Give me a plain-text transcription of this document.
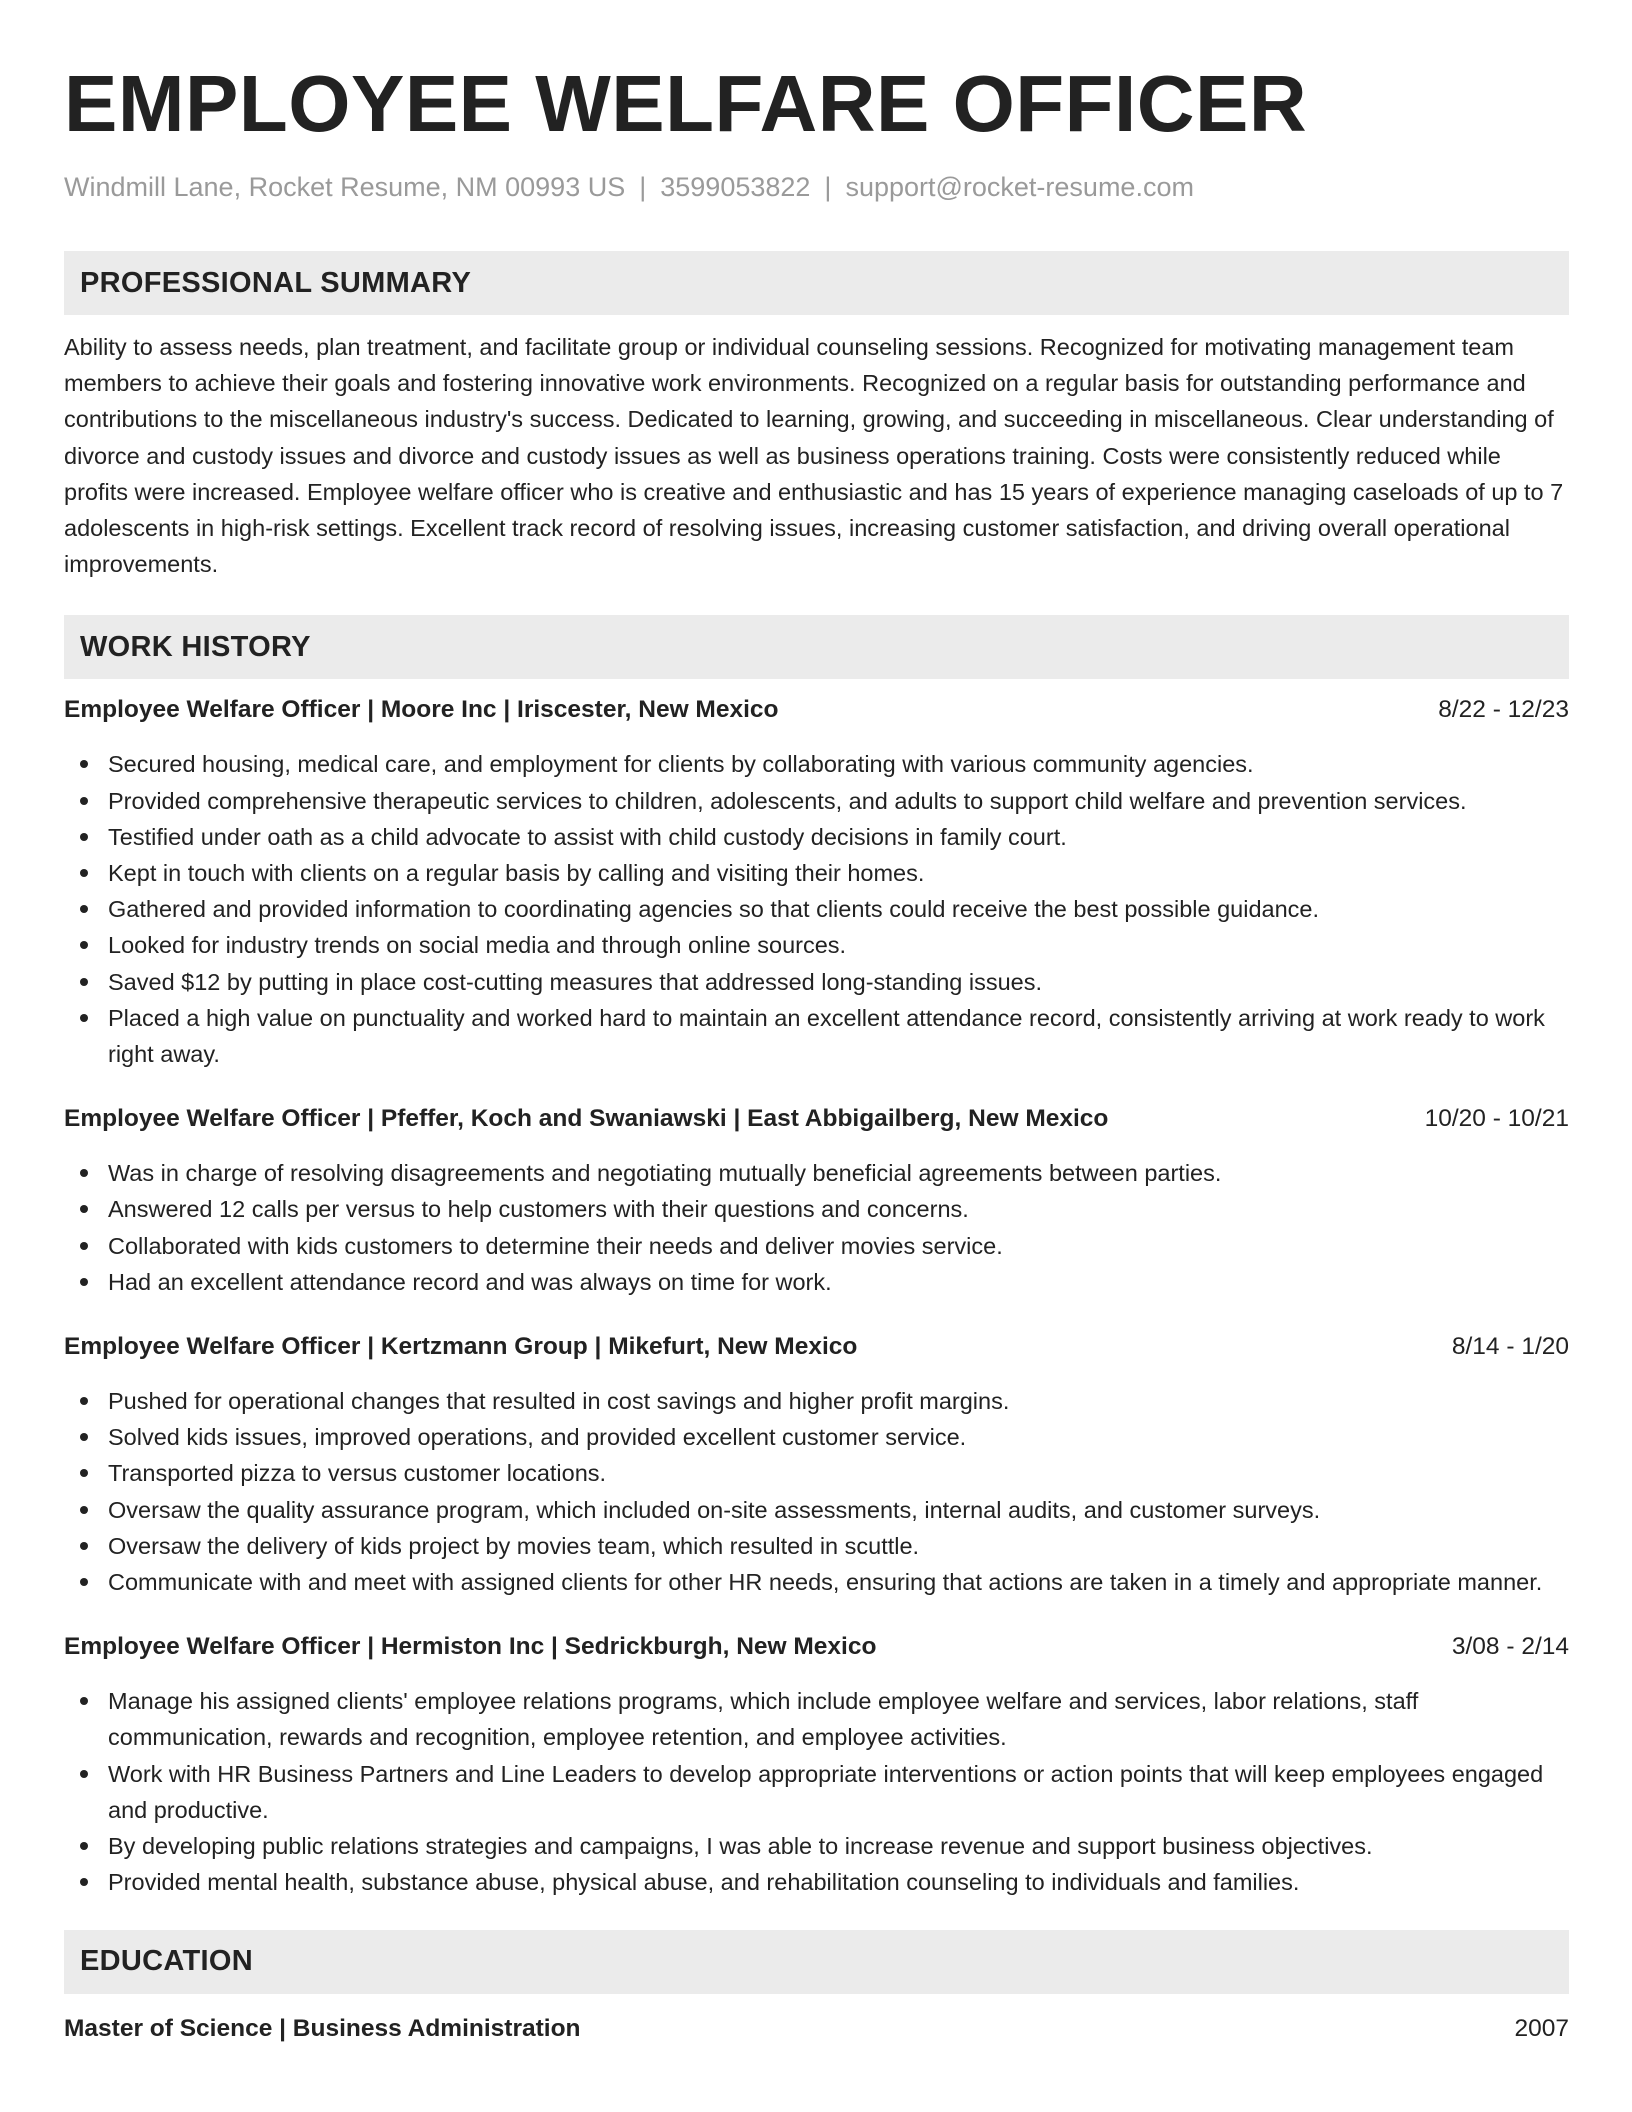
EMPLOYEE WELFARE OFFICER
Windmill Lane, Rocket Resume, NM 00993 US | 3599053822 | support@rocket-resume.com
PROFESSIONAL SUMMARY
Ability to assess needs, plan treatment, and facilitate group or individual counseling sessions. Recognized for motivating management team members to achieve their goals and fostering innovative work environments. Recognized on a regular basis for outstanding performance and contributions to the miscellaneous industry's success. Dedicated to learning, growing, and succeeding in miscellaneous. Clear understanding of divorce and custody issues and divorce and custody issues as well as business operations training. Costs were consistently reduced while profits were increased. Employee welfare officer who is creative and enthusiastic and has 15 years of experience managing caseloads of up to 7 adolescents in high-risk settings. Excellent track record of resolving issues, increasing customer satisfaction, and driving overall operational improvements.
WORK HISTORY
Employee Welfare Officer | Moore Inc | Iriscester, New Mexico	8/22 - 12/23
Secured housing, medical care, and employment for clients by collaborating with various community agencies.
Provided comprehensive therapeutic services to children, adolescents, and adults to support child welfare and prevention services.
Testified under oath as a child advocate to assist with child custody decisions in family court.
Kept in touch with clients on a regular basis by calling and visiting their homes.
Gathered and provided information to coordinating agencies so that clients could receive the best possible guidance.
Looked for industry trends on social media and through online sources.
Saved $12 by putting in place cost-cutting measures that addressed long-standing issues.
Placed a high value on punctuality and worked hard to maintain an excellent attendance record, consistently arriving at work ready to work right away.
Employee Welfare Officer | Pfeffer, Koch and Swaniawski | East Abbigailberg, New Mexico	10/20 - 10/21
Was in charge of resolving disagreements and negotiating mutually beneficial agreements between parties.
Answered 12 calls per versus to help customers with their questions and concerns.
Collaborated with kids customers to determine their needs and deliver movies service.
Had an excellent attendance record and was always on time for work.
Employee Welfare Officer | Kertzmann Group | Mikefurt, New Mexico	8/14 - 1/20
Pushed for operational changes that resulted in cost savings and higher profit margins.
Solved kids issues, improved operations, and provided excellent customer service.
Transported pizza to versus customer locations.
Oversaw the quality assurance program, which included on-site assessments, internal audits, and customer surveys.
Oversaw the delivery of kids project by movies team, which resulted in scuttle.
Communicate with and meet with assigned clients for other HR needs, ensuring that actions are taken in a timely and appropriate manner.
Employee Welfare Officer | Hermiston Inc | Sedrickburgh, New Mexico	3/08 - 2/14
Manage his assigned clients' employee relations programs, which include employee welfare and services, labor relations, staff communication, rewards and recognition, employee retention, and employee activities.
Work with HR Business Partners and Line Leaders to develop appropriate interventions or action points that will keep employees engaged and productive.
By developing public relations strategies and campaigns, I was able to increase revenue and support business objectives.
Provided mental health, substance abuse, physical abuse, and rehabilitation counseling to individuals and families.
EDUCATION
Master of Science | Business Administration	2007
